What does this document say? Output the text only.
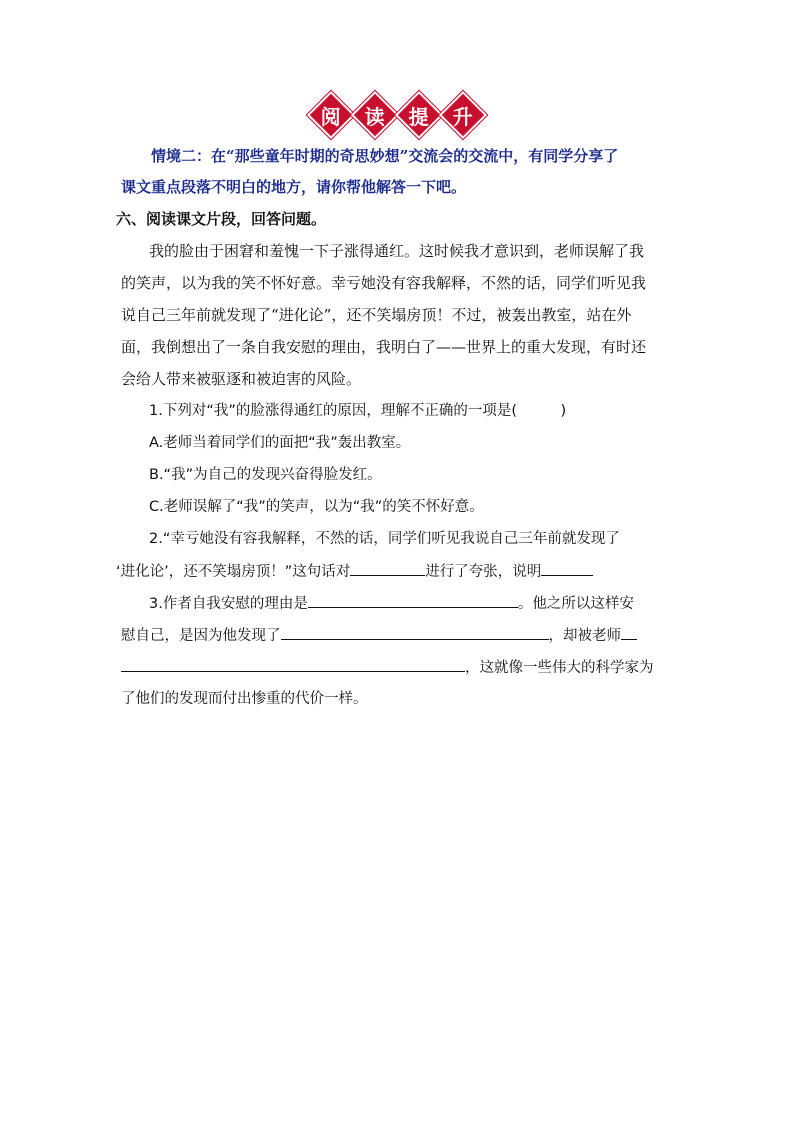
阅 读 提 升
情境二：在“那些童年时期的奇思妙想”交流会的交流中，有同学分享了
课文重点段落不明白的地方，请你帮他解答一下吧。
六、阅读课文片段，回答问题。
我的脸由于困窘和羞愧一下子涨得通红。这时候我才意识到，老师误解了我
的笑声，以为我的笑不怀好意。幸亏她没有容我解释，不然的话，同学们听见我
说自己三年前就发现了“进化论”，还不笑塌房顶！不过，被轰出教室，站在外
面，我倒想出了一条自我安慰的理由，我明白了——世界上的重大发现，有时还
会给人带来被驱逐和被迫害的风险。
1.下列对“我”的脸涨得通红的原因，理解不正确的一项是(　　　)
A.老师当着同学们的面把“我”轰出教室。
B.“我”为自己的发现兴奋得脸发红。
C.老师误解了“我”的笑声，以为“我”的笑不怀好意。
2.“幸亏她没有容我解释，不然的话，同学们听见我说自己三年前就发现了
‘进化论’，还不笑塌房顶！”这句话对	进行了夸张，说明
3.作者自我安慰的理由是	。他之所以这样安
慰自己，是因为他发现了	，却被老师
，这就像一些伟大的科学家为
了他们的发现而付出惨重的代价一样。
